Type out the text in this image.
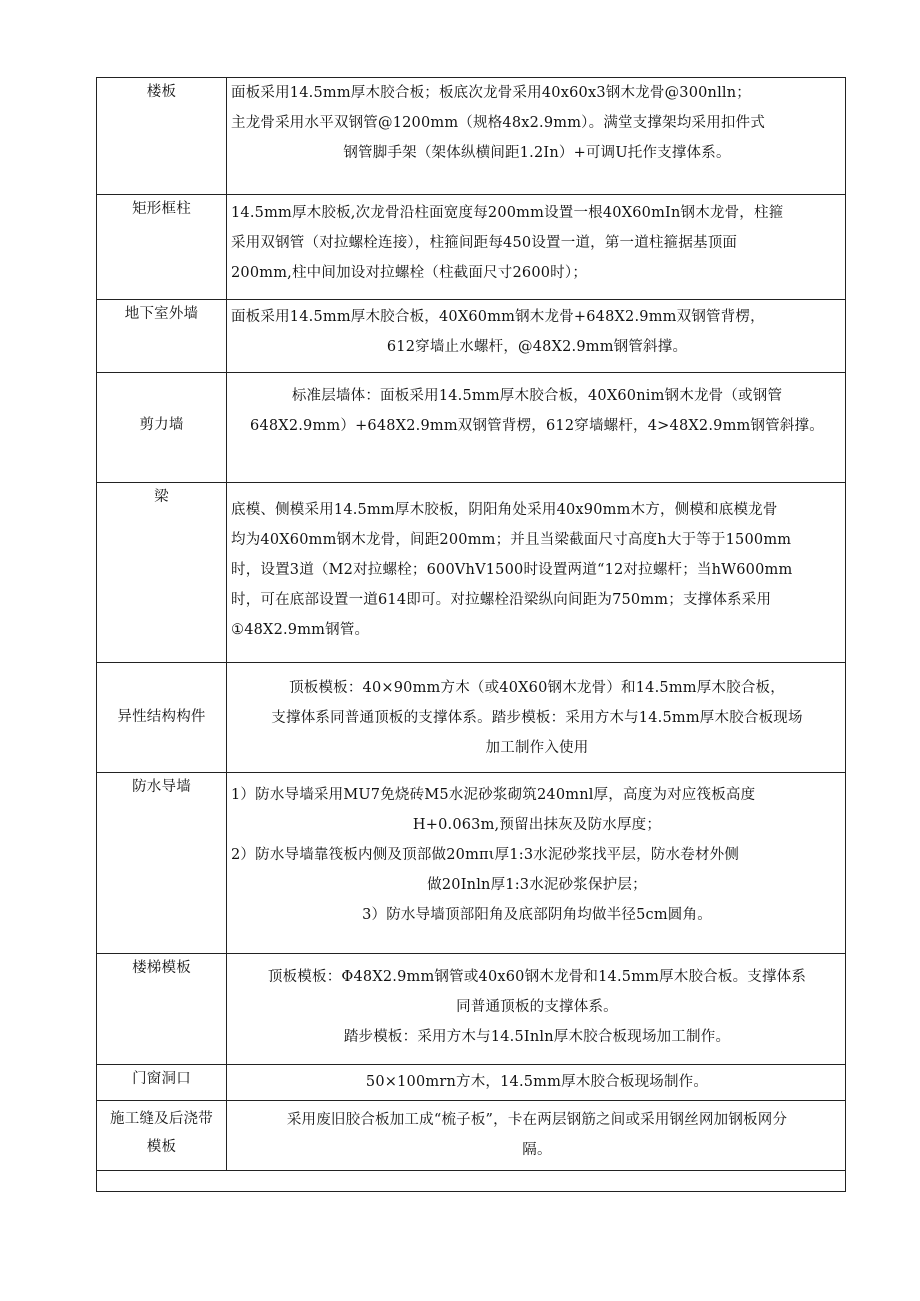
楼板	面板采用14.5mm厚木胶合板；板底次龙骨采用40x60x3钢木龙骨@300nlln；
主龙骨采用水平双钢管@1200mm（规格48x2.9mm）。满堂支撑架均采用扣件式
钢管脚手架（架体纵横间距1.2In）+可调U托作支撑体系。

矩形框柱	14.5mm厚木胶板,次龙骨沿柱面宽度每200mm设置一根40X60mIn钢木龙骨，柱箍
采用双钢管（对拉螺栓连接），柱箍间距每450设置一道，第一道柱箍据基顶面
200mm,柱中间加设对拉螺栓（柱截面尺寸2600时）；

地下室外墙	面板采用14.5mm厚木胶合板，40X60mm钢木龙骨+648X2.9mm双钢管背楞，
612穿墙止水螺杆，@48X2.9mm钢管斜撑。

剪力墙	标准层墙体：面板采用14.5mm厚木胶合板，40X60nim钢木龙骨（或钢管
648X2.9mm）+648X2.9mm双钢管背楞，612穿墙螺杆，4>48X2.9mm钢管斜撑。

梁	底模、侧模采用14.5mm厚木胶板，阴阳角处采用40x90mm木方，侧模和底模龙骨
均为40X60mm钢木龙骨，间距200mm；并且当梁截面尺寸高度h大于等于1500mm
时，设置3道（M2对拉螺栓；600VhV1500时设置两道“12对拉螺杆；当hW600mm
时，可在底部设置一道614即可。对拉螺栓沿梁纵向间距为750mm；支撑体系采用
①48X2.9mm钢管。

异性结构构件	顶板模板：40×90mm方木（或40X60钢木龙骨）和14.5mm厚木胶合板，
支撑体系同普通顶板的支撑体系。踏步模板：采用方木与14.5mm厚木胶合板现场
加工制作入使用

防水导墙	1）防水导墙采用MU7免烧砖M5水泥砂浆砌筑240mnl厚，高度为对应筏板高度
H+0.063m,预留出抹灰及防水厚度；
2）防水导墙靠筏板内侧及顶部做20mπι厚1:3水泥砂浆找平层，防水卷材外侧
做20Inln厚1:3水泥砂浆保护层；
3）防水导墙顶部阳角及底部阴角均做半径5cm圆角。

楼梯模板	顶板模板：Φ48X2.9mm钢管或40x60钢木龙骨和14.5mm厚木胶合板。支撑体系
同普通顶板的支撑体系。
踏步模板：采用方木与14.5Inln厚木胶合板现场加工制作。

门窗洞口	50×100mrn方木，14.5mm厚木胶合板现场制作。

施工缝及后浇带
模板	采用废旧胶合板加工成“梳子板”，卡在两层钢筋之间或采用钢丝网加钢板网分
隔。
